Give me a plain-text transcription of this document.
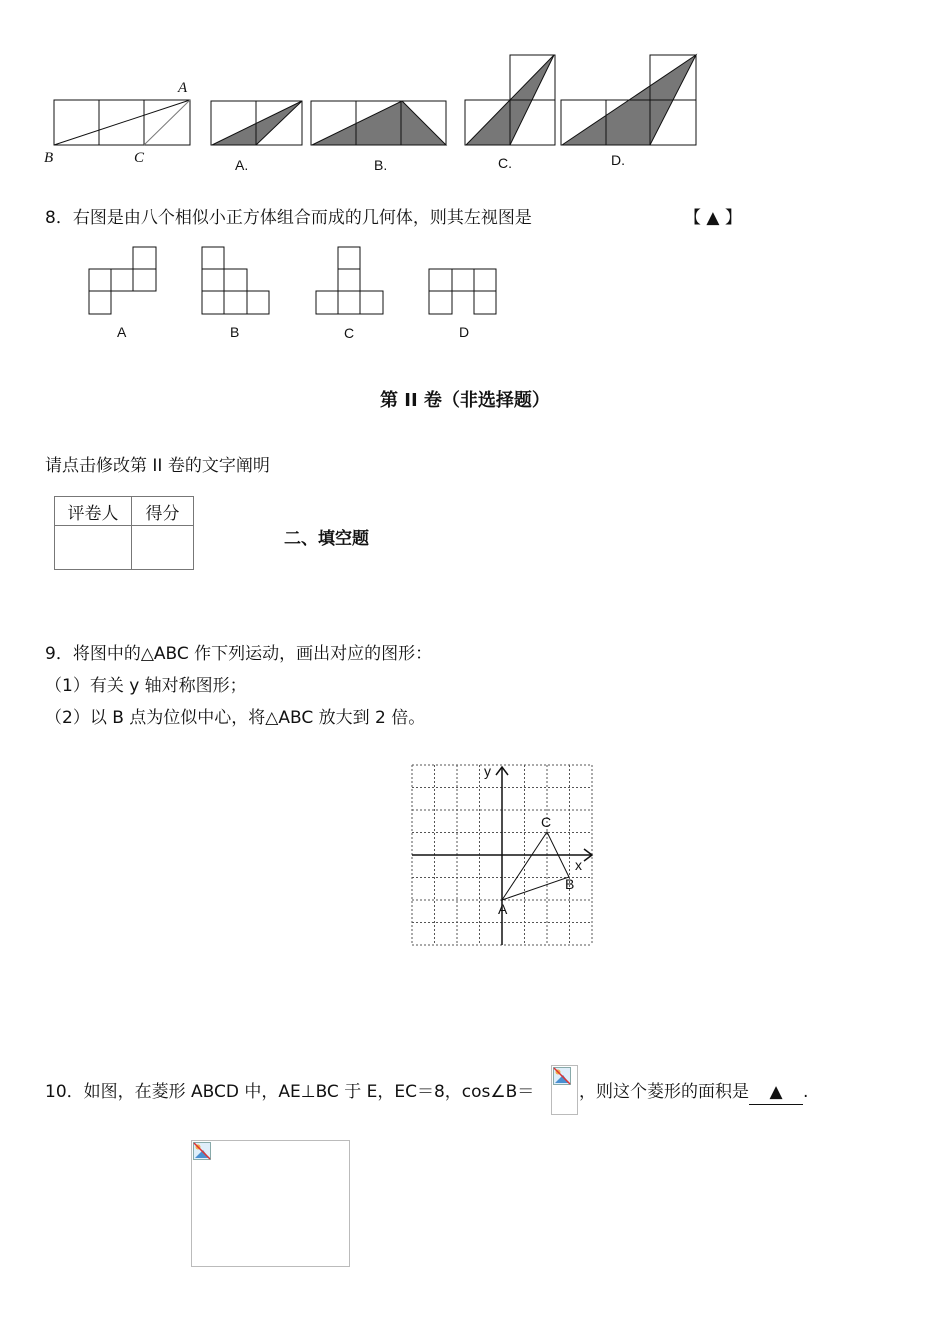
A
B	C	A.	B.	C.	D.
8．右图是由八个相似小正方体组合而成的几何体，则其左视图是	【 ▲ 】
A	B	C	D
第 II 卷（非选择题）
请点击修改第 II 卷的文字阐明
评卷人	得分

二、填空题
9．将图中的△ABC 作下列运动，画出对应的图形：
（1）有关 y 轴对称图形；
（2）以 B 点为位似中心，将△ABC 放大到 2 倍。
y
x
A
B
C
10．如图，在菱形 ABCD 中，AE⊥BC 于 E，EC＝8，cos∠B＝	，则这个菱形的面积是 ▲ .
